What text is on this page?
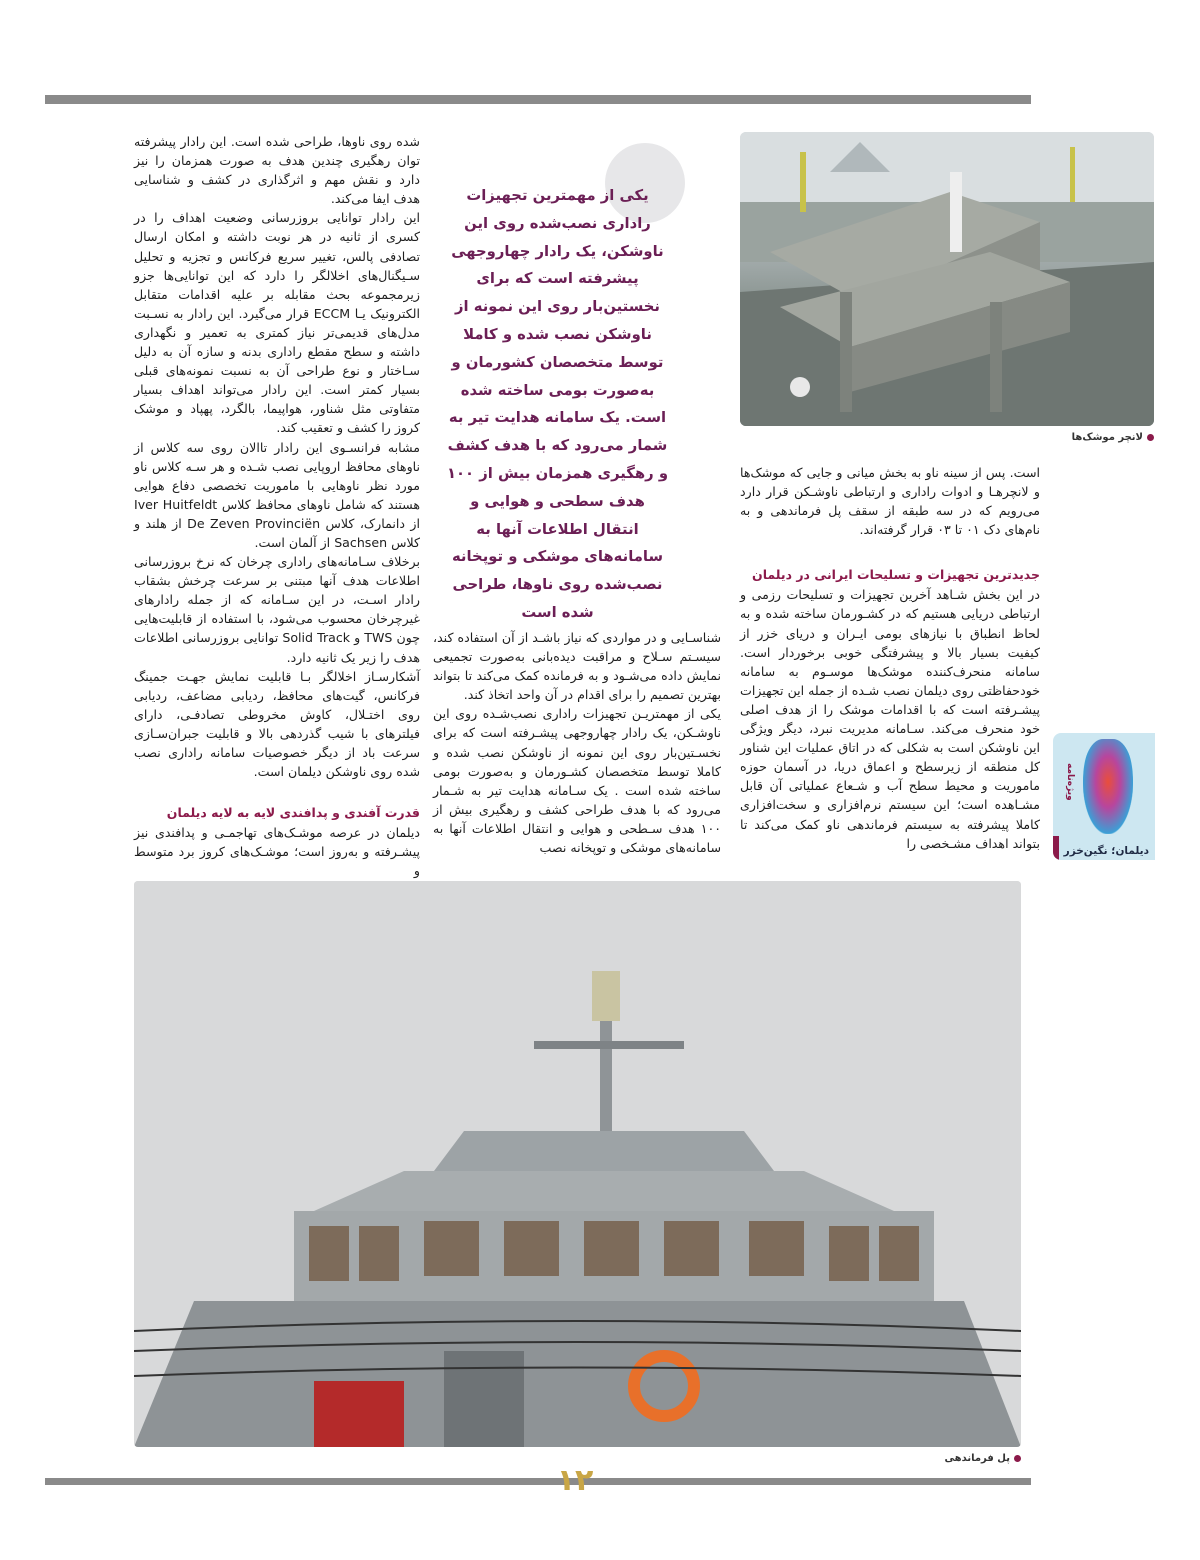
لانچر موشک‌ها
یکی از مهمترین تجهیزات راداری نصب‌شده روی این ناوشکن، یک رادار چهاروجهی پیشرفته است که برای نخستین‌بار روی این نمونه از ناوشکن نصب شده و کاملا توسط متخصصان کشورمان و به‌صورت بومی ساخته شده است. یک سامانه هدایت تیر به شمار می‌رود که با هدف کشف و رهگیری همزمان بیش از ۱۰۰ هدف سطحی و هوایی و انتقال اطلاعات آنها به سامانه‌های موشکی و توپخانه نصب‌شده روی ناوها، طراحی شده است

است. پس از سینه ناو به بخش میانی و جایی که موشک‌ها و لانچرهـا و ادوات راداری و ارتباطی ناوشـکن قرار دارد می‌رویم که در سه طبقه از سقف پل فرماندهی و به نام‌های دک ۰۱ تا ۰۳ قرار گرفته‌اند.

جدیدترین تجهیزات و تسلیحات ایرانی در دیلمان

در این بخش شـاهد آخرین تجهیزات و تسلیحات رزمی و ارتباطی دریایی هستیم که در کشـورمان ساخته شده و به لحاظ انطباق با نیازهای بومی ایـران و دریای خزر از کیفیت بسیار بالا و پیشرفتگی خوبی برخوردار است. سامانه منحرف‌کننده موشک‌ها موسـوم به سامانه خودحفاظتی روی دیلمان نصب شـده از جمله این تجهیزات پیشـرفته است که با اقدامات موشک را از هدف اصلی خود منحرف می‌کند. سـامانه مدیریت نبرد، دیگر ویژگی این ناوشکن است به شکلی که در اتاق عملیات این شناور کل منطقه از زیرسطح و اعماق دریا، در آسمان حوزه ماموریت و محیط سطح آب و شـعاع عملیاتی آن قابل مشـاهده است؛ این سیستم نرم‌افزاری و سخت‌افزاری کاملا پیشرفته به سیستم فرماندهی ناو کمک می‌کند تا بتواند اهداف مشـخصی را

شناسـایی و در مواردی که نیاز باشـد از آن استفاده کند، سیسـتم سـلاح و مراقبت دیده‌بانی به‌صورت تجمیعی نمایش داده می‌شـود و به فرمانده کمک می‌کند تا بتواند بهترین تصمیم را برای اقدام در آن واحد اتخاذ کند.

یکی از مهمتریـن تجهیزات راداری نصب‌شـده روی این ناوشـکن، یک رادار چهاروجهی پیشـرفته است که برای نخسـتین‌بار روی این نمونه از ناوشکن نصب شده و کاملا توسط متخصصان کشـورمان و به‌صورت بومی ساخته شده است . یک سـامانه هدایت تیر به شـمار می‌رود که با هدف طراحی کشف و رهگیری بیش از ۱۰۰ هدف سـطحی و هوایی و انتقال اطلاعات آنها به سامانه‌های موشکی و توپخانه نصب

شده روی ناوها، طراحی شده است. این رادار پیشرفته توان رهگیری چندین هدف به صورت همزمان را نیز دارد و نقش مهم و اثرگذاری در کشف و شناسایی هدف ایفا می‌کند.

این رادار توانایی بروزرسانی وضعیت اهداف را در کسری از ثانیه در هر نوبت داشته و امکان ارسال تصادفی پالس، تغییر سریع فرکانس و تجزیه و تحلیل سـیگنال‌های اخلالگر را دارد که این توانایی‌ها جزو زیرمجموعه بحث مقابله بر علیه اقدامات متقابل الکترونیک یـا ECCM قرار می‌گیرد. این رادار به نسـبت مدل‌های قدیمی‌تر نیاز کمتری به تعمیر و نگهداری داشته و سطح مقطع راداری بدنه و سازه آن به دلیل سـاختار و نوع طراحی آن به نسبت نمونه‌های قبلی بسیار کمتر است. این رادار می‌تواند اهداف بسیار متفاوتی مثل شناور، هواپیما، بالگرد، پهپاد و موشک کروز را کشف و تعقیب کند.

مشابه فرانسـوی این رادار تا‌الان روی سه کلاس از ناوهای محافظ اروپایی نصب شـده و هر سـه کلاس ناو مورد نظر ناوهایی با ماموریت تخصصی دفاع هوایی هستند که شامل ناوهای محافظ کلاس Iver Huitfeldt از دانمارک، کلاس De Zeven Provinciën از هلند و کلاس Sachsen از آلمان است.

برخلاف سـامانه‌های راداری چرخان که نرخ بروزرسانی اطلاعات هدف آنها مبتنی بر سرعت چرخش بشقاب رادار اسـت، در این سـامانه که از جمله رادارهای غیرچرخان محسوب می‌شود، با استفاده از قابلیت‌هایی چون TWS و Solid Track توانایی بروزرسانی اطلاعات هدف را زیر یک ثانیه دارد.

آشکارسـاز اخلالگر بـا قابلیت نمایش جهـت جمینگ فرکانس، گیت‌های محافظ، ردیابی مضاعف، ردیابی روی اختـلال، کاوش مخروطی تصادفـی، دارای فیلترهای با شیب گذردهی بالا و قابلیت جبران‌سـازی سرعت باد از دیگر خصوصیات سامانه راداری نصب شده روی ناوشکن دیلمان است.

قدرت آفندی و پدافندی لایه به لایه دیلمان

دیلمان در عرصه موشـک‌های تهاجمـی و پدافندی نیز پیشـرفته و به‌روز است؛ موشـک‌های کروز برد متوسط و

ویژه‌نامه
دیلمان؛ نگین‌خزر
پل فرماندهی
۱۲
